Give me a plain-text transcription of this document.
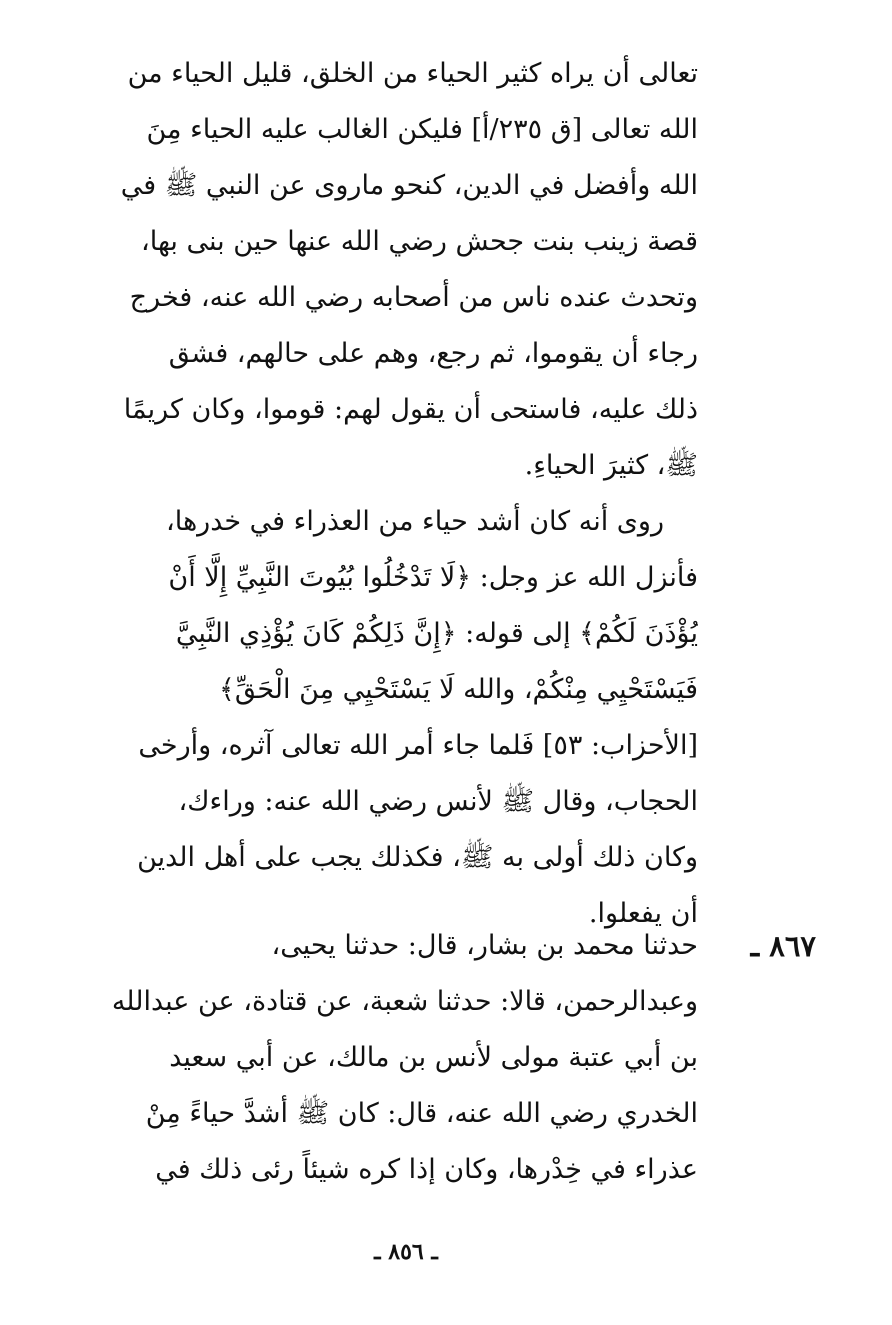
تعالى أن يراه كثير الحياء من الخلق، قليل الحياء من
الله تعالى [ق ٢٣٥/أ] فليكن الغالب عليه الحياء مِنَ
الله وأفضل في الدين، كنحو ماروى عن النبي ﷺ في
قصة زينب بنت جحش رضي الله عنها حين بنى بها،
وتحدث عنده ناس من أصحابه رضي الله عنه، فخرج
رجاء أن يقوموا، ثم رجع، وهم على حالهم، فشق
ذلك عليه، فاستحى أن يقول لهم: قوموا، وكان كريمًا
ﷺ، كثيرَ الحياءِ.
روى أنه كان أشد حياء من العذراء في خدرها،
فأنزل الله عز وجل: ﴿لَا تَدْخُلُوا بُيُوتَ النَّبِيِّ إِلَّا أَنْ
يُؤْذَنَ لَكُمْ﴾ إلى قوله: ﴿إِنَّ ذَلِكُمْ كَانَ يُؤْذِي النَّبِيَّ
فَيَسْتَحْيِي مِنْكُمْ، والله لَا يَسْتَحْيِي مِنَ الْحَقِّ﴾
[الأحزاب: ٥٣] فَلما جاء أمر الله تعالى آثره، وأرخى
الحجاب، وقال ﷺ لأنس رضي الله عنه: وراءك،
وكان ذلك أولى به ﷺ، فكذلك يجب على أهل الدين
أن يفعلوا.
٨٦٧ ـ
حدثنا محمد بن بشار، قال: حدثنا يحيى،
وعبدالرحمن، قالا: حدثنا شعبة، عن قتادة، عن عبدالله
بن أبي عتبة مولى لأنس بن مالك، عن أبي سعيد
الخدري رضي الله عنه، قال: كان ﷺ أشدَّ حياءً مِنْ
عذراء في خِدْرها، وكان إذا كره شيئاً رئى ذلك في
ـ ٨٥٦ ـ
